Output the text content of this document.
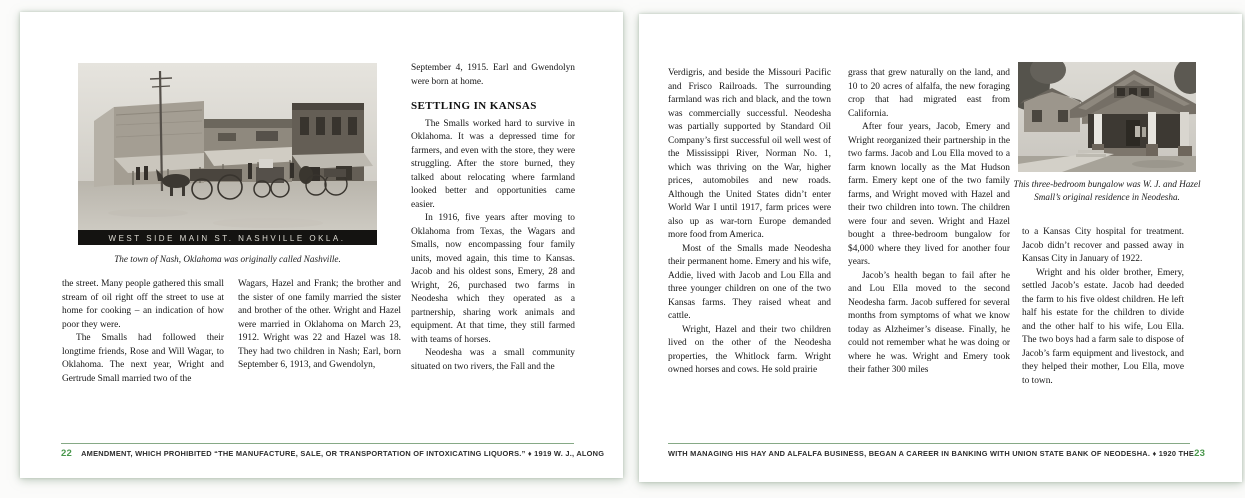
WEST SIDE MAIN ST. NASHVILLE OKLA.
The town of Nash, Oklahoma was originally called Nashville.
the street. Many people gathered this small stream of oil right off the street to use at home for cooking – an indication of how poor they were.
The Smalls had followed their longtime friends, Rose and Will Wagar, to Oklahoma. The next year, Wright and Gertrude Small married two of the
Wagars, Hazel and Frank; the brother and the sister of one family married the sister and brother of the other. Wright and Hazel were married in Oklahoma on March 23, 1912. Wright was 22 and Hazel was 18. They had two children in Nash; Earl, born September 6, 1913, and Gwendolyn,
September 4, 1915. Earl and Gwendolyn were born at home.
SETTLING IN KANSAS
The Smalls worked hard to survive in Oklahoma. It was a depressed time for farmers, and even with the store, they were struggling. After the store burned, they talked about relocating where farmland looked better and opportunities came easier.
In 1916, five years after moving to Oklahoma from Texas, the Wagars and Smalls, now encompassing four family units, moved again, this time to Kansas. Jacob and his oldest sons, Emery, 28 and Wright, 26, purchased two farms in Neodesha which they operated as a partnership, sharing work animals and equipment. At that time, they still farmed with teams of horses.
Neodesha was a small community situated on two rivers, the Fall and the
22 AMENDMENT, WHICH PROHIBITED “THE MANUFACTURE, SALE, OR TRANSPORTATION OF INTOXICATING LIQUORS.” ♦ 1919 W. J., ALONG
Verdigris, and beside the Missouri Pacific and Frisco Railroads. The surrounding farmland was rich and black, and the town was commercially successful. Neodesha was partially supported by Standard Oil Company’s first successful oil well west of the Mississippi River, Norman No. 1, which was thriving on the War, higher prices, automobiles and new roads. Although the United States didn’t enter World War I until 1917, farm prices were also up as war-torn Europe demanded more food from America.
Most of the Smalls made Neodesha their permanent home. Emery and his wife, Addie, lived with Jacob and Lou Ella and three younger children on one of the two Kansas farms. They raised wheat and cattle.
Wright, Hazel and their two children lived on the other of the Neodesha properties, the Whitlock farm. Wright owned horses and cows. He sold prairie
grass that grew naturally on the land, and 10 to 20 acres of alfalfa, the new foraging crop that had migrated east from California.
After four years, Jacob, Emery and Wright reorganized their partnership in the two farms. Jacob and Lou Ella moved to a farm known locally as the Mat Hudson farm. Emery kept one of the two family farms, and Wright moved with Hazel and their two children into town. The children were four and seven. Wright and Hazel bought a three-bedroom bungalow for $4,000 where they lived for another four years.
Jacob’s health began to fail after he and Lou Ella moved to the second Neodesha farm. Jacob suffered for several months from symptoms of what we know today as Alzheimer’s disease. Finally, he could not remember what he was doing or where he was. Wright and Emery took their father 300 miles
This three-bedroom bungalow was W. J. and Hazel Small’s original residence in Neodesha.
to a Kansas City hospital for treatment. Jacob didn’t recover and passed away in Kansas City in January of 1922.
Wright and his older brother, Emery, settled Jacob’s estate. Jacob had deeded the farm to his five oldest children. He left half his estate for the children to divide and the other half to his wife, Lou Ella. The two boys had a farm sale to dispose of Jacob’s farm equipment and livestock, and they helped their mother, Lou Ella, move to town.
WITH MANAGING HIS HAY AND ALFALFA BUSINESS, BEGAN A CAREER IN BANKING WITH UNION STATE BANK OF NEODESHA. ♦ 1920 THE 23
